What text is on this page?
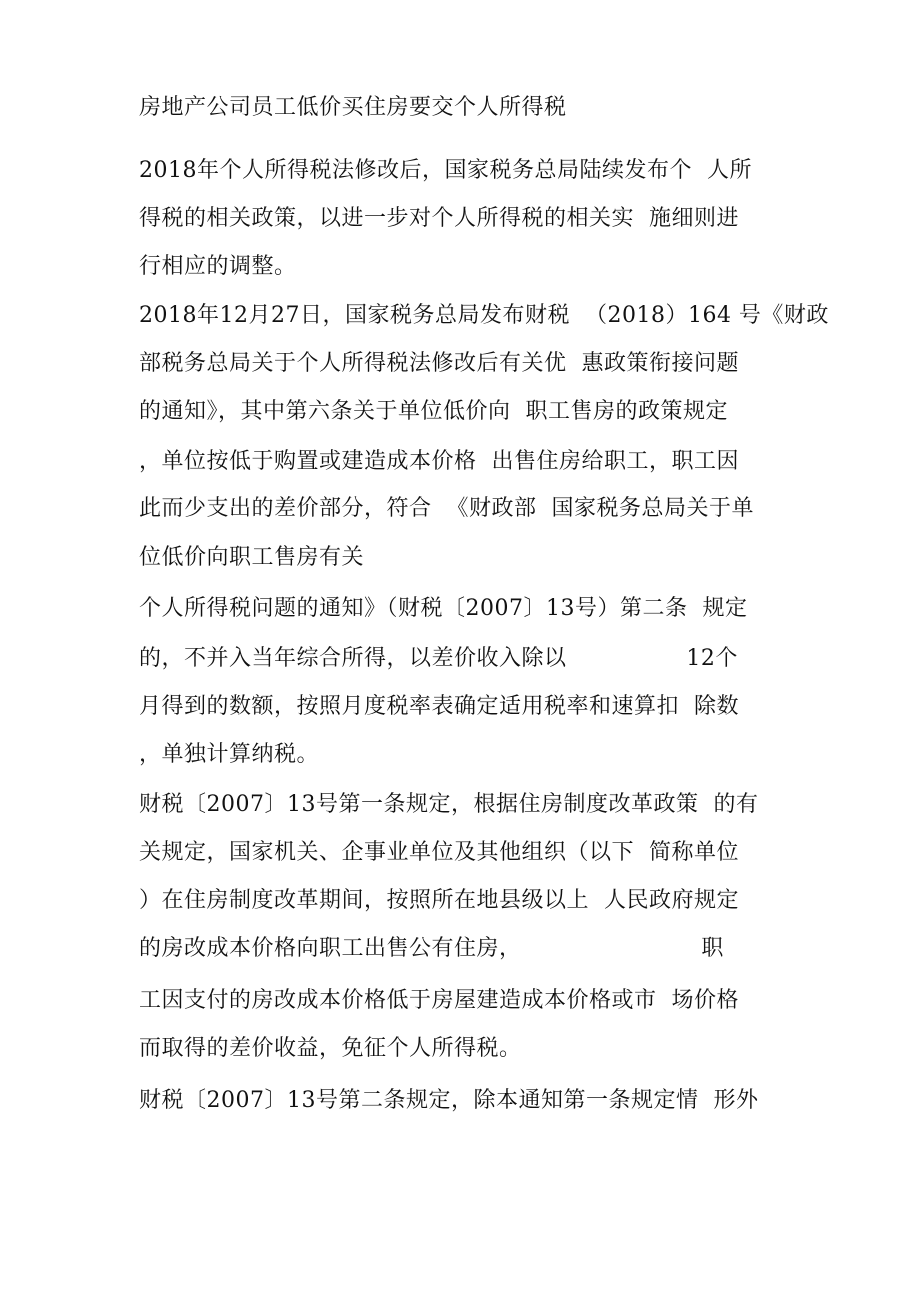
房地产公司员工低价买住房要交个人所得税
2018年个人所得税法修改后，国家税务总局陆续发布个  人所
得税的相关政策，以进一步对个人所得税的相关实  施细则进
行相应的调整。
2018年12月27日，国家税务总局发布财税  （2018）164 号《财政
部税务总局关于个人所得税法修改后有关优  惠政策衔接问题
的通知》，其中第六条关于单位低价向  职工售房的政策规定
，单位按低于购置或建造成本价格  出售住房给职工，职工因
此而少支出的差价部分，符合  《财政部  国家税务总局关于单
位低价向职工售房有关
个人所得税问题的通知》（财税〔2007〕13号）第二条  规定
的，不并入当年综合所得，以差价收入除以                12个
月得到的数额，按照月度税率表确定适用税率和速算扣  除数
，单独计算纳税。
财税〔2007〕13号第一条规定，根据住房制度改革政策  的有
关规定，国家机关、企事业单位及其他组织（以下  简称单位
）在住房制度改革期间，按照所在地县级以上  人民政府规定
的房改成本价格向职工出售公有住房，                        职
工因支付的房改成本价格低于房屋建造成本价格或市  场价格
而取得的差价收益，免征个人所得税。
财税〔2007〕13号第二条规定，除本通知第一条规定情  形外
